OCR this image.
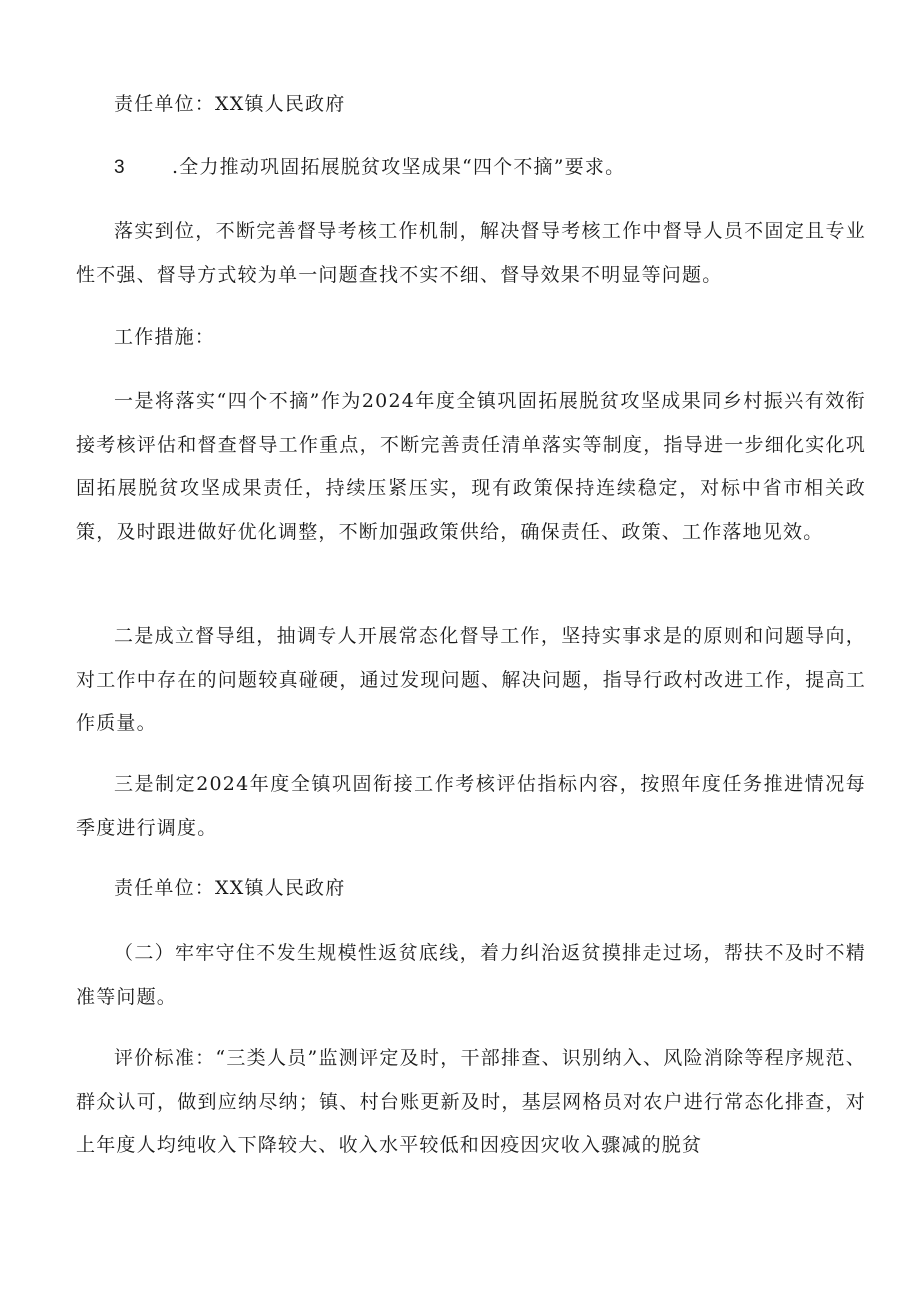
责任单位：XX镇人民政府

3 .全力推动巩固拓展脱贫攻坚成果“四个不摘”要求。

落实到位，不断完善督导考核工作机制，解决督导考核工作中督导人员不固定且专业性不强、督导方式较为单一问题查找不实不细、督导效果不明显等问题。

工作措施：

一是将落实“四个不摘”作为2024年度全镇巩固拓展脱贫攻坚成果同乡村振兴有效衔接考核评估和督查督导工作重点，不断完善责任清单落实等制度，指导进一步细化实化巩固拓展脱贫攻坚成果责任，持续压紧压实，现有政策保持连续稳定，对标中省市相关政策，及时跟进做好优化调整，不断加强政策供给，确保责任、政策、工作落地见效。

二是成立督导组，抽调专人开展常态化督导工作，坚持实事求是的原则和问题导向，对工作中存在的问题较真碰硬，通过发现问题、解决问题，指导行政村改进工作，提高工作质量。

三是制定2024年度全镇巩固衔接工作考核评估指标内容，按照年度任务推进情况每季度进行调度。

责任单位：XX镇人民政府

（二）牢牢守住不发生规模性返贫底线，着力纠治返贫摸排走过场，帮扶不及时不精准等问题。

评价标准：“三类人员”监测评定及时，干部排查、识别纳入、风险消除等程序规范、群众认可，做到应纳尽纳；镇、村台账更新及时，基层网格员对农户进行常态化排查，对上年度人均纯收入下降较大、收入水平较低和因疫因灾收入骤减的脱贫
